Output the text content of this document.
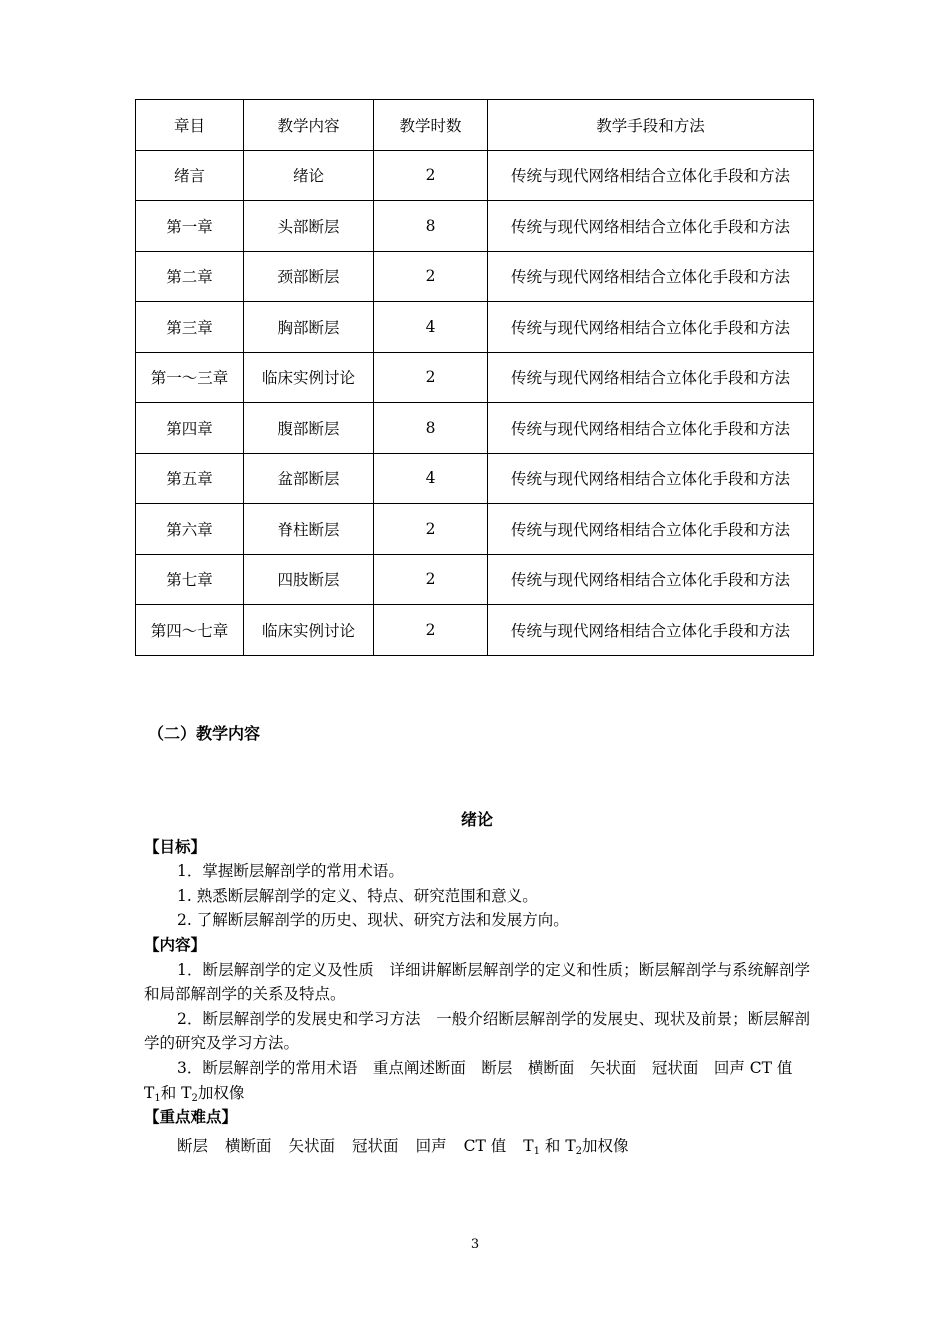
章目	教学内容	教学时数	教学手段和方法
绪言	绪论	2	传统与现代网络相结合立体化手段和方法
第一章	头部断层	8	传统与现代网络相结合立体化手段和方法
第二章	颈部断层	2	传统与现代网络相结合立体化手段和方法
第三章	胸部断层	4	传统与现代网络相结合立体化手段和方法
第一～三章	临床实例讨论	2	传统与现代网络相结合立体化手段和方法
第四章	腹部断层	8	传统与现代网络相结合立体化手段和方法
第五章	盆部断层	4	传统与现代网络相结合立体化手段和方法
第六章	脊柱断层	2	传统与现代网络相结合立体化手段和方法
第七章	四肢断层	2	传统与现代网络相结合立体化手段和方法
第四～七章	临床实例讨论	2	传统与现代网络相结合立体化手段和方法
（二）教学内容
绪论
【目标】
1．掌握断层解剖学的常用术语。
1. 熟悉断层解剖学的定义、特点、研究范围和意义。
2. 了解断层解剖学的历史、现状、研究方法和发展方向。
【内容】
1．断层解剖学的定义及性质　详细讲解断层解剖学的定义和性质；断层解剖学与系统解剖学和局部解剖学的关系及特点。
2．断层解剖学的发展史和学习方法　一般介绍断层解剖学的发展史、现状及前景；断层解剖学的研究及学习方法。
3．断层解剖学的常用术语　重点阐述断面　断层　横断面　矢状面　冠状面　回声 CT 值　$T_1$和 $T_2$加权像
【重点难点】
断层 横断面 矢状面 冠状面 回声 CT 值 $T_1$ 和 $T_2$加权像
3
